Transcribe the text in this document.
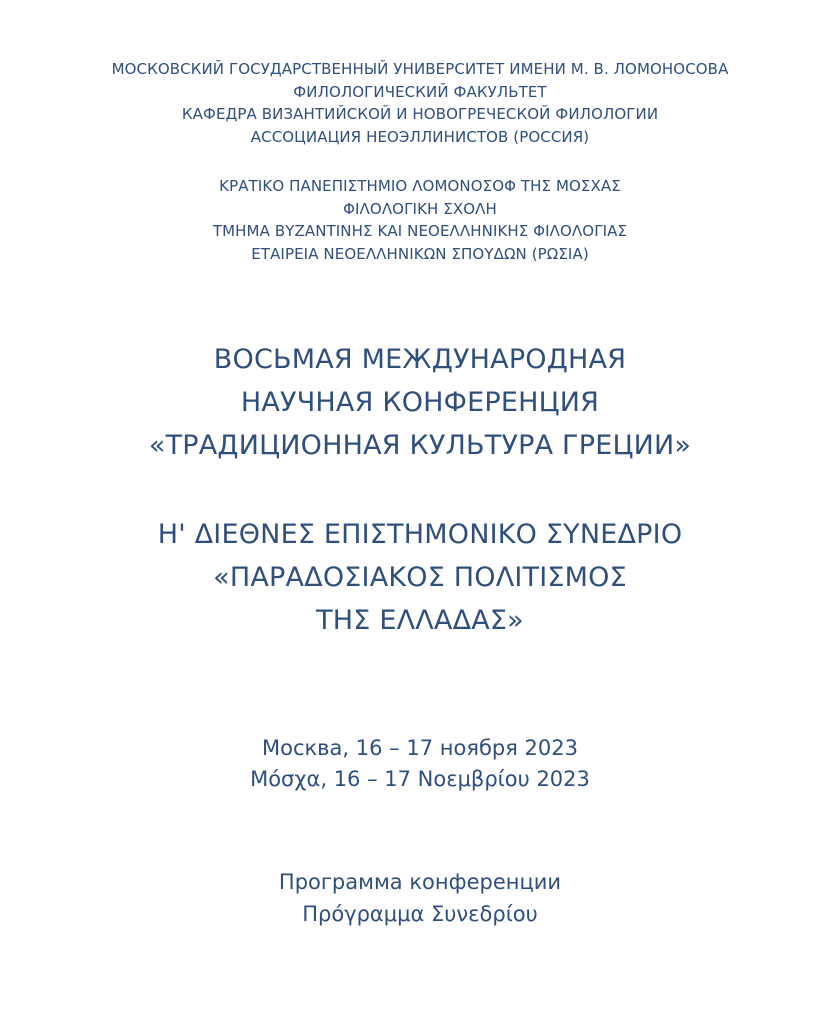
МОСКОВСКИЙ ГОСУДАРСТВЕННЫЙ УНИВЕРСИТЕТ ИМЕНИ М. В. ЛОМОНОСОВА
ФИЛОЛОГИЧЕСКИЙ ФАКУЛЬТЕТ
КАФЕДРА ВИЗАНТИЙСКОЙ И НОВОГРЕЧЕСКОЙ ФИЛОЛОГИИ
АССОЦИАЦИЯ НЕОЭЛЛИНИСТОВ (РОССИЯ)
ΚΡΑΤΙΚΟ ΠΑΝΕΠΙΣΤΗΜΙΟ ΛΟΜΟΝΟΣΟΦ ΤΗΣ ΜΟΣΧΑΣ
ΦΙΛΟΛΟΓΙΚΗ ΣΧΟΛΗ
ΤΜΗΜΑ ΒΥΖΑΝΤΙΝΗΣ ΚΑΙ ΝΕΟΕΛΛΗΝΙΚΗΣ ΦΙΛΟΛΟΓΙΑΣ
ΕΤΑΙΡΕΙΑ ΝΕΟΕΛΛΗΝΙΚΩΝ ΣΠΟΥΔΩΝ (ΡΩΣΙΑ)
ВОСЬМАЯ МЕЖДУНАРОДНАЯ
НАУЧНАЯ КОНФЕРЕНЦИЯ
«ТРАДИЦИОННАЯ КУЛЬТУРА ГРЕЦИИ»
Η' ΔΙΕΘΝΕΣ ΕΠΙΣΤΗΜΟΝΙΚΟ ΣΥΝΕΔΡΙΟ
«ΠΑΡΑΔΟΣΙΑΚΟΣ ΠΟΛΙΤΙΣΜΟΣ
ΤΗΣ ΕΛΛΑΔΑΣ»
Москва, 16 – 17 ноября 2023
Μόσχα, 16 – 17 Νοεμβρίου 2023
Программа конференции
Πρόγραμμα Συνεδρίου
